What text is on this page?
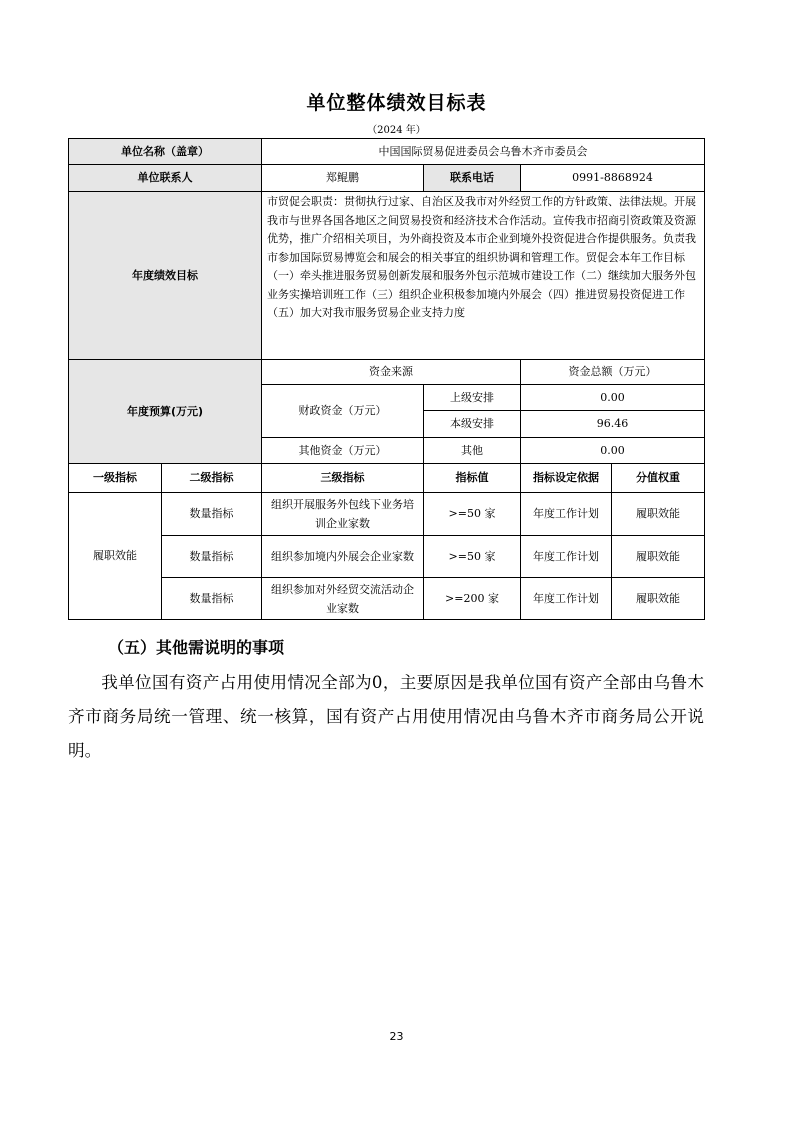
单位整体绩效目标表
（2024 年）
单位名称（盖章）		中国国际贸易促进委员会乌鲁木齐市委员会			
单位联系人		郑鲲鹏	联系电话	0991-8868924	
年度绩效目标		市贸促会职责：贯彻执行过家、自治区及我市对外经贸工作的方针政策、法律法规。开展我市与世界各国各地区之间贸易投资和经济技术合作活动。宣传我市招商引资政策及资源优势，推广介绍相关项目，为外商投资及本市企业到境外投资促进合作提供服务。负责我市参加国际贸易博览会和展会的相关事宜的组织协调和管理工作。贸促会本年工作目标（一）牵头推进服务贸易创新发展和服务外包示范城市建设工作（二）继续加大服务外包业务实操培训班工作（三）组织企业积极参加境内外展会（四）推进贸易投资促进工作（五）加大对我市服务贸易企业支持力度			
年度预算(万元)		资金来源		资金总额（万元）	
		财政资金（万元）	上级安排	0.00	
			本级安排	96.46	
		其他资金（万元）	其他	0.00	
一级指标	二级指标	三级指标	指标值	指标设定依据	分值权重
履职效能	数量指标	组织开展服务外包线下业务培训企业家数	>=50 家	年度工作计划	履职效能
	数量指标	组织参加境内外展会企业家数	>=50 家	年度工作计划	履职效能
	数量指标	组织参加对外经贸交流活动企业家数	>=200 家	年度工作计划	履职效能
（五）其他需说明的事项
我单位国有资产占用使用情况全部为0，主要原因是我单位国有资产全部由乌鲁木齐市商务局统一管理、统一核算，国有资产占用使用情况由乌鲁木齐市商务局公开说明。
23
